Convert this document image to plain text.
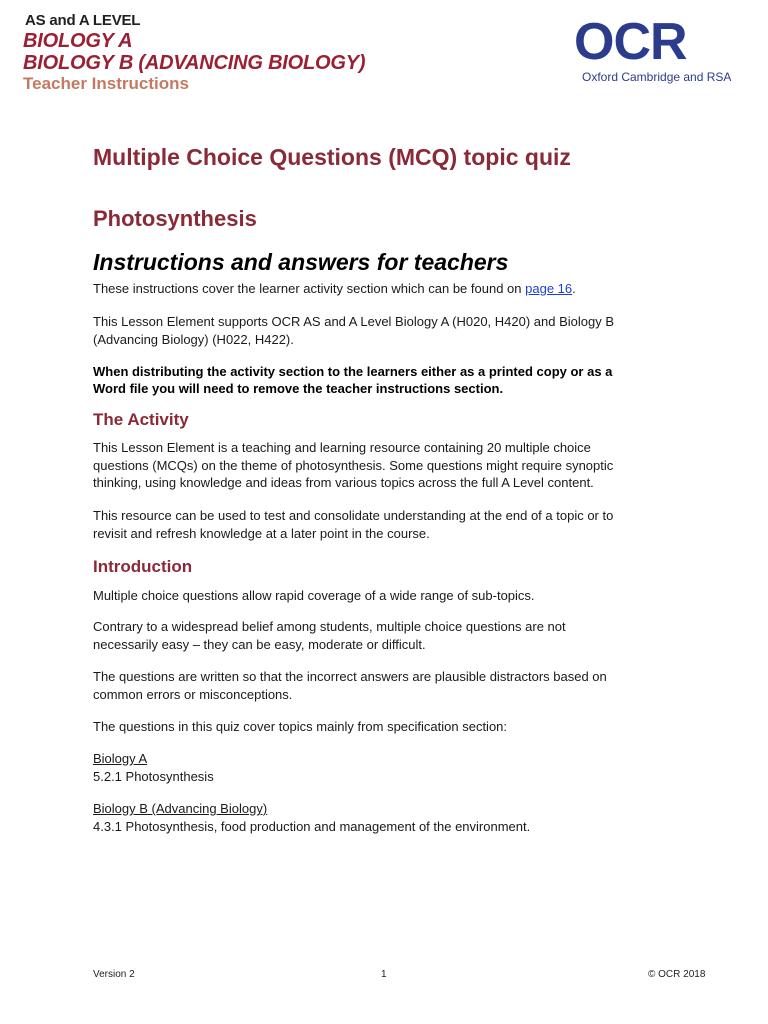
AS and A LEVEL
BIOLOGY A
BIOLOGY B (ADVANCING BIOLOGY)
Teacher Instructions
OCR
Oxford Cambridge and RSA
Multiple Choice Questions (MCQ) topic quiz
Photosynthesis
Instructions and answers for teachers
These instructions cover the learner activity section which can be found on page 16.
This Lesson Element supports OCR AS and A Level Biology A (H020, H420) and Biology B
(Advancing Biology) (H022, H422).
When distributing the activity section to the learners either as a printed copy or as a
Word file you will need to remove the teacher instructions section.
The Activity
This Lesson Element is a teaching and learning resource containing 20 multiple choice
questions (MCQs) on the theme of photosynthesis. Some questions might require synoptic
thinking, using knowledge and ideas from various topics across the full A Level content.
This resource can be used to test and consolidate understanding at the end of a topic or to
revisit and refresh knowledge at a later point in the course.
Introduction
Multiple choice questions allow rapid coverage of a wide range of sub-topics.
Contrary to a widespread belief among students, multiple choice questions are not
necessarily easy – they can be easy, moderate or difficult.
The questions are written so that the incorrect answers are plausible distractors based on
common errors or misconceptions.
The questions in this quiz cover topics mainly from specification section:
Biology A
5.2.1 Photosynthesis
Biology B (Advancing Biology)
4.3.1 Photosynthesis, food production and management of the environment.
Version 2	1	© OCR 2018
